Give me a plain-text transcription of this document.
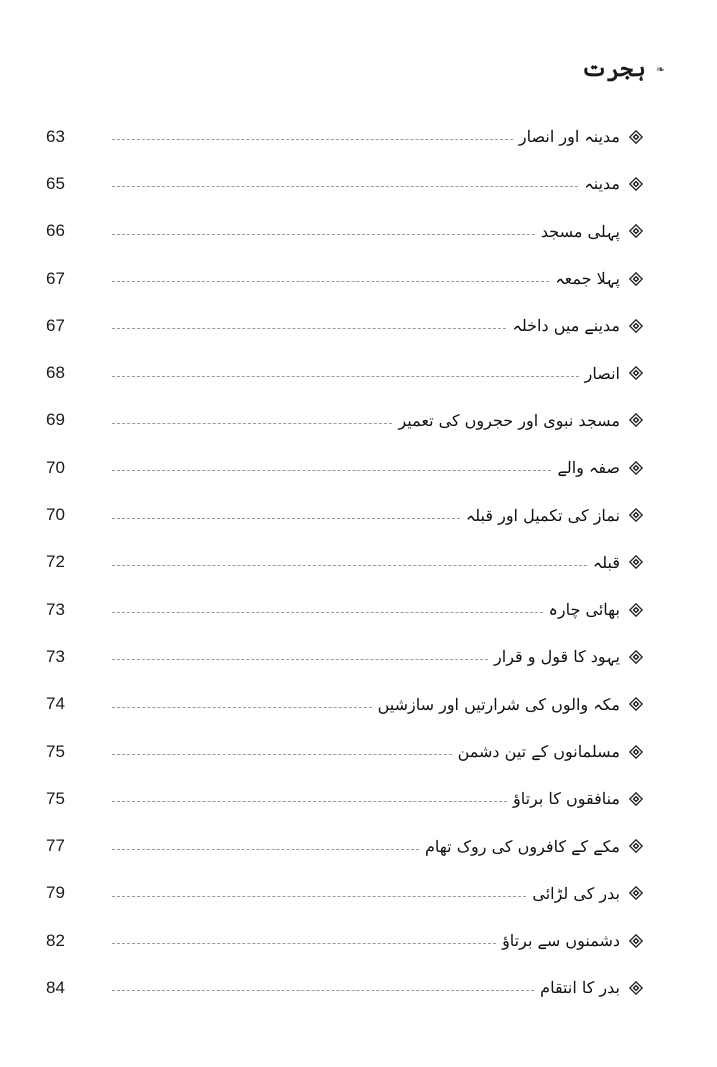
❧
ہجرت
63	مدینہ اور انصار
65	مدینہ
66	پہلی مسجد
67	پہلا جمعہ
67	مدینے میں داخلہ
68	انصار
69	مسجد نبوی اور حجروں کی تعمیر
70	صفہ والے
70	نماز کی تکمیل اور قبلہ
72	قبلہ
73	بھائی چارہ
73	یہود کا قول و قرار
74	مکہ والوں کی شرارتیں اور سازشیں
75	مسلمانوں کے تین دشمن
75	منافقوں کا برتاؤ
77	مکے کے کافروں کی روک تھام
79	بدر کی لڑائی
82	دشمنوں سے برتاؤ
84	بدر کا انتقام
